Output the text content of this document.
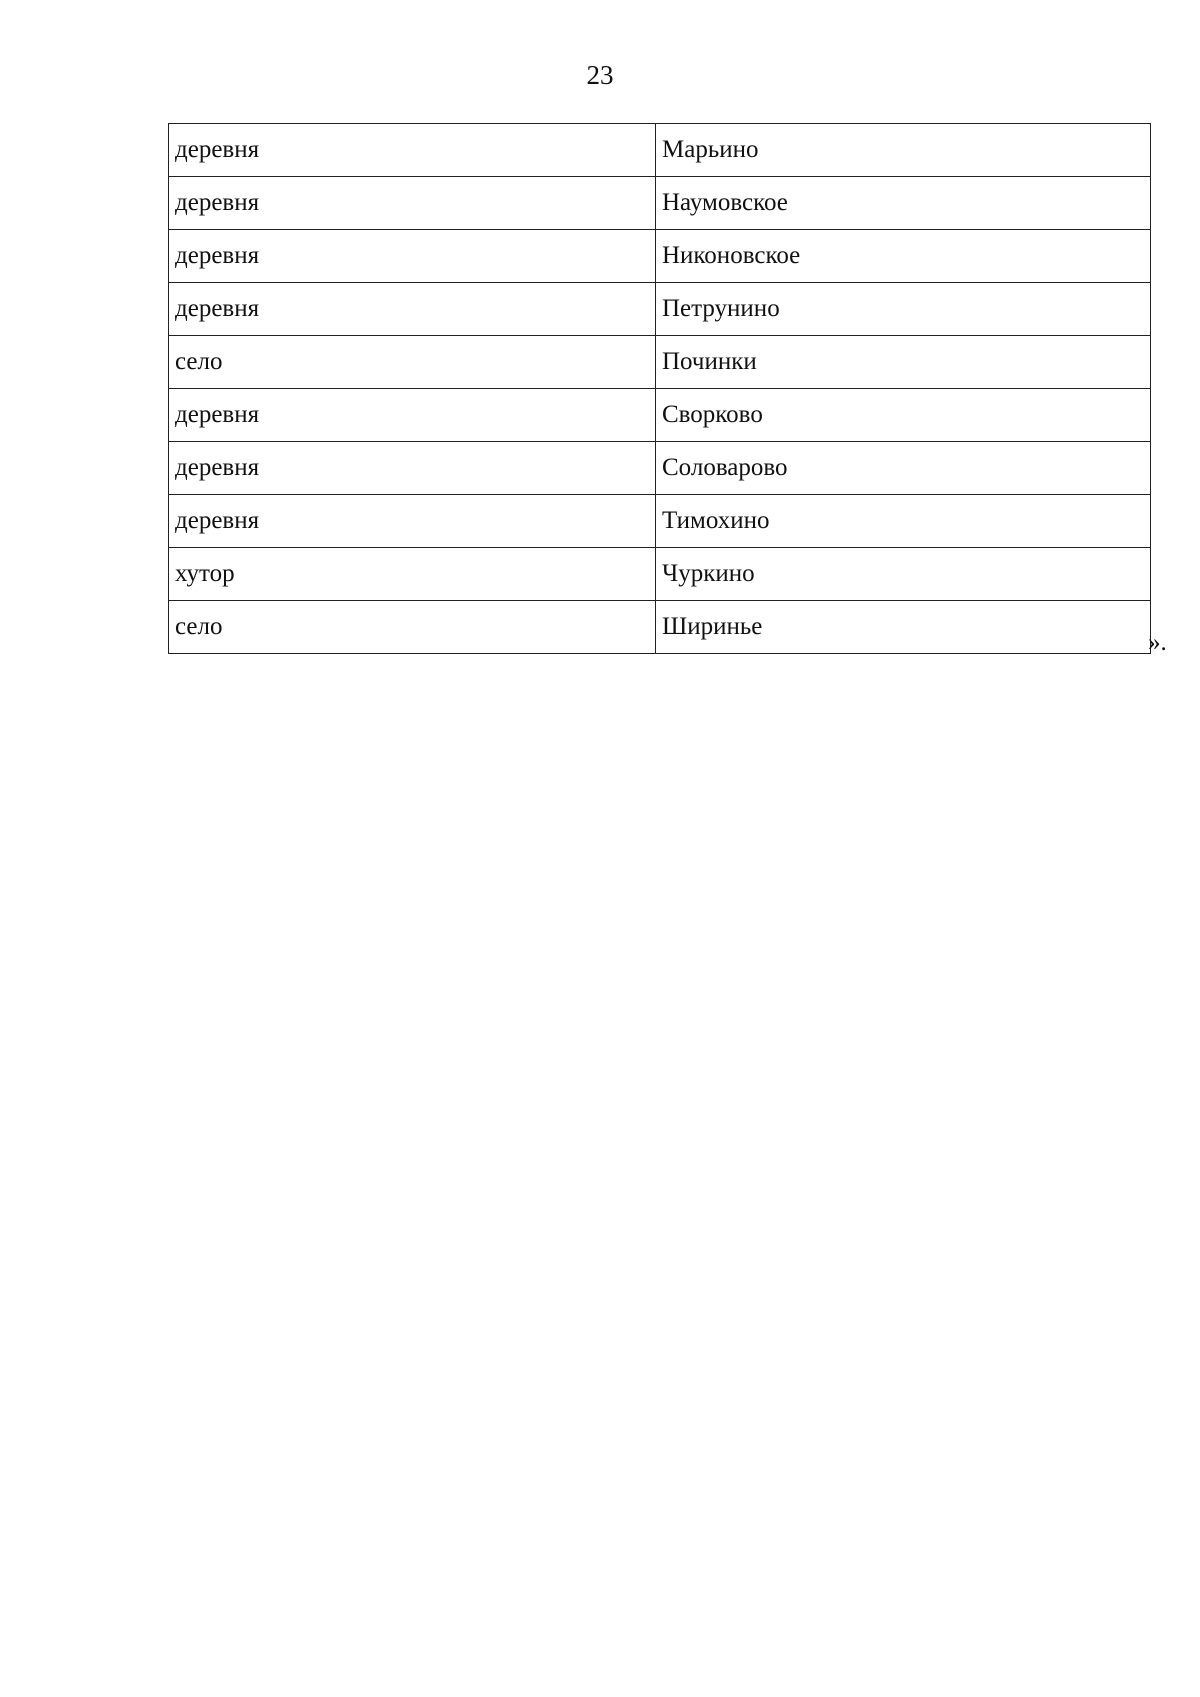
23
деревня	Марьино
деревня	Наумовское
деревня	Никоновское
деревня	Петрунино
село	Починки
деревня	Сворково
деревня	Соловарово
деревня	Тимохино
хутор	Чуркино
село	Ширинье
».
